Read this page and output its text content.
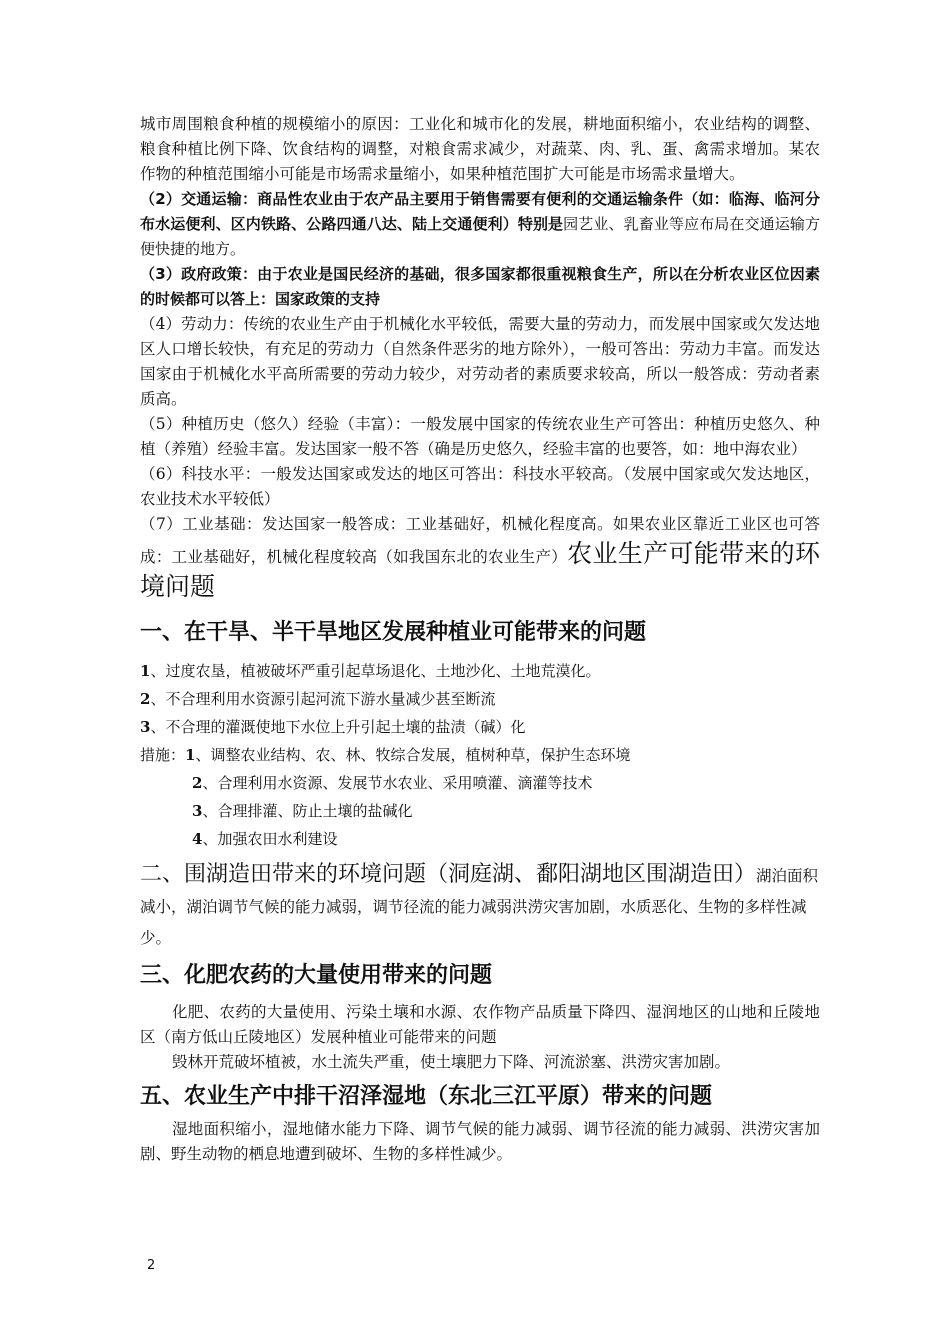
城市周围粮食种植的规模缩小的原因：工业化和城市化的发展，耕地面积缩小，农业结构的调整、粮食种植比例下降、饮食结构的调整，对粮食需求减少，对蔬菜、肉、乳、蛋、禽需求增加。某农作物的种植范围缩小可能是市场需求量缩小，如果种植范围扩大可能是市场需求量增大。

（2）交通运输：商品性农业由于农产品主要用于销售需要有便利的交通运输条件（如：临海、临河分布水运便利、区内铁路、公路四通八达、陆上交通便利）特别是园艺业、乳畜业等应布局在交通运输方便快捷的地方。

（3）政府政策：由于农业是国民经济的基础，很多国家都很重视粮食生产，所以在分析农业区位因素的时候都可以答上：国家政策的支持

（4）劳动力：传统的农业生产由于机械化水平较低，需要大量的劳动力，而发展中国家或欠发达地区人口增长较快，有充足的劳动力（自然条件恶劣的地方除外），一般可答出：劳动力丰富。而发达国家由于机械化水平高所需要的劳动力较少，对劳动者的素质要求较高，所以一般答成：劳动者素质高。

（5）种植历史（悠久）经验（丰富）：一般发展中国家的传统农业生产可答出：种植历史悠久、种植（养殖）经验丰富。发达国家一般不答（确是历史悠久，经验丰富的也要答，如：地中海农业）

（6）科技水平：一般发达国家或发达的地区可答出：科技水平较高。（发展中国家或欠发达地区，农业技术水平较低）

（7）工业基础：发达国家一般答成：工业基础好，机械化程度高。如果农业区靠近工业区也可答成：工业基础好，机械化程度较高（如我国东北的农业生产）农业生产可能带来的环境问题

一、在干旱、半干旱地区发展种植业可能带来的问题

1、过度农垦，植被破坏严重引起草场退化、土地沙化、土地荒漠化。

2、不合理利用水资源引起河流下游水量减少甚至断流

3、不合理的灌溉使地下水位上升引起土壤的盐渍（碱）化

措施：1、调整农业结构、农、林、牧综合发展，植树种草，保护生态环境

2、合理利用水资源、发展节水农业、采用喷灌、滴灌等技术

3、合理排灌、防止土壤的盐碱化

4、加强农田水利建设

二、围湖造田带来的环境问题（洞庭湖、鄱阳湖地区围湖造田）湖泊面积减小，湖泊调节气候的能力减弱，调节径流的能力减弱洪涝灾害加剧，水质恶化、生物的多样性减少。

三、化肥农药的大量使用带来的问题

化肥、农药的大量使用、污染土壤和水源、农作物产品质量下降四、湿润地区的山地和丘陵地区（南方低山丘陵地区）发展种植业可能带来的问题

毁林开荒破坏植被，水土流失严重，使土壤肥力下降、河流淤塞、洪涝灾害加剧。

五、农业生产中排干沼泽湿地（东北三江平原）带来的问题

湿地面积缩小，湿地储水能力下降、调节气候的能力减弱、调节径流的能力减弱、洪涝灾害加剧、野生动物的栖息地遭到破坏、生物的多样性减少。

2
